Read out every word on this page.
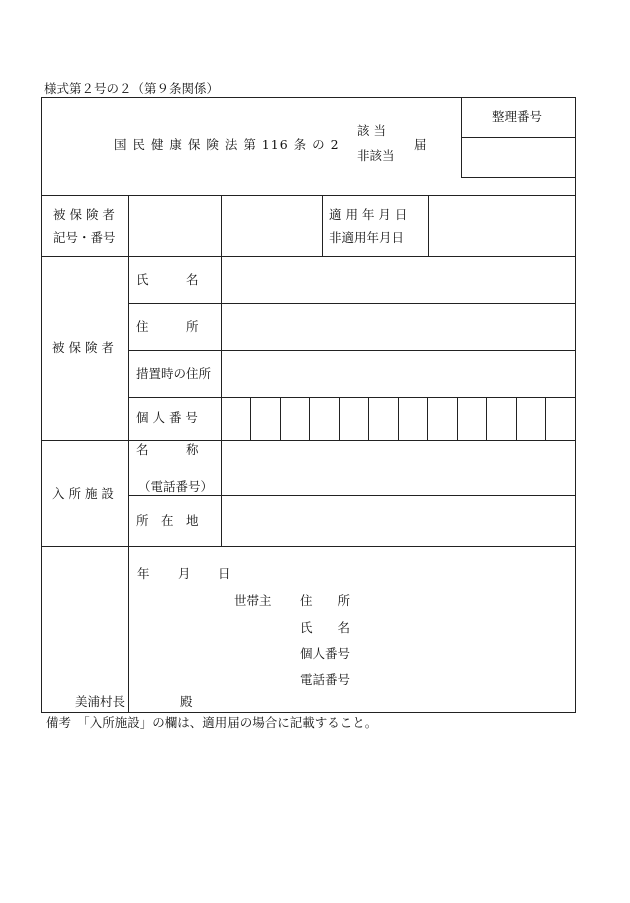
様式第２号の２（第９条関係）
整理番号
国 民 健 康 保 険 法 第 116 条 の 2
該 当
非該当
届
被 保 険 者
記号・番号
適 用 年 月 日
非適用年月日
被 保 険 者
氏　　　名
住　　　所
措置時の住所
個 人 番 号
入 所 施 設
名　　　称
（電話番号）
所　在　地
年 月 日
世帯主 住　　所
氏　　名
個人番号
電話番号
美浦村長	殿
備考　「入所施設」の欄は、適用届の場合に記載すること。
